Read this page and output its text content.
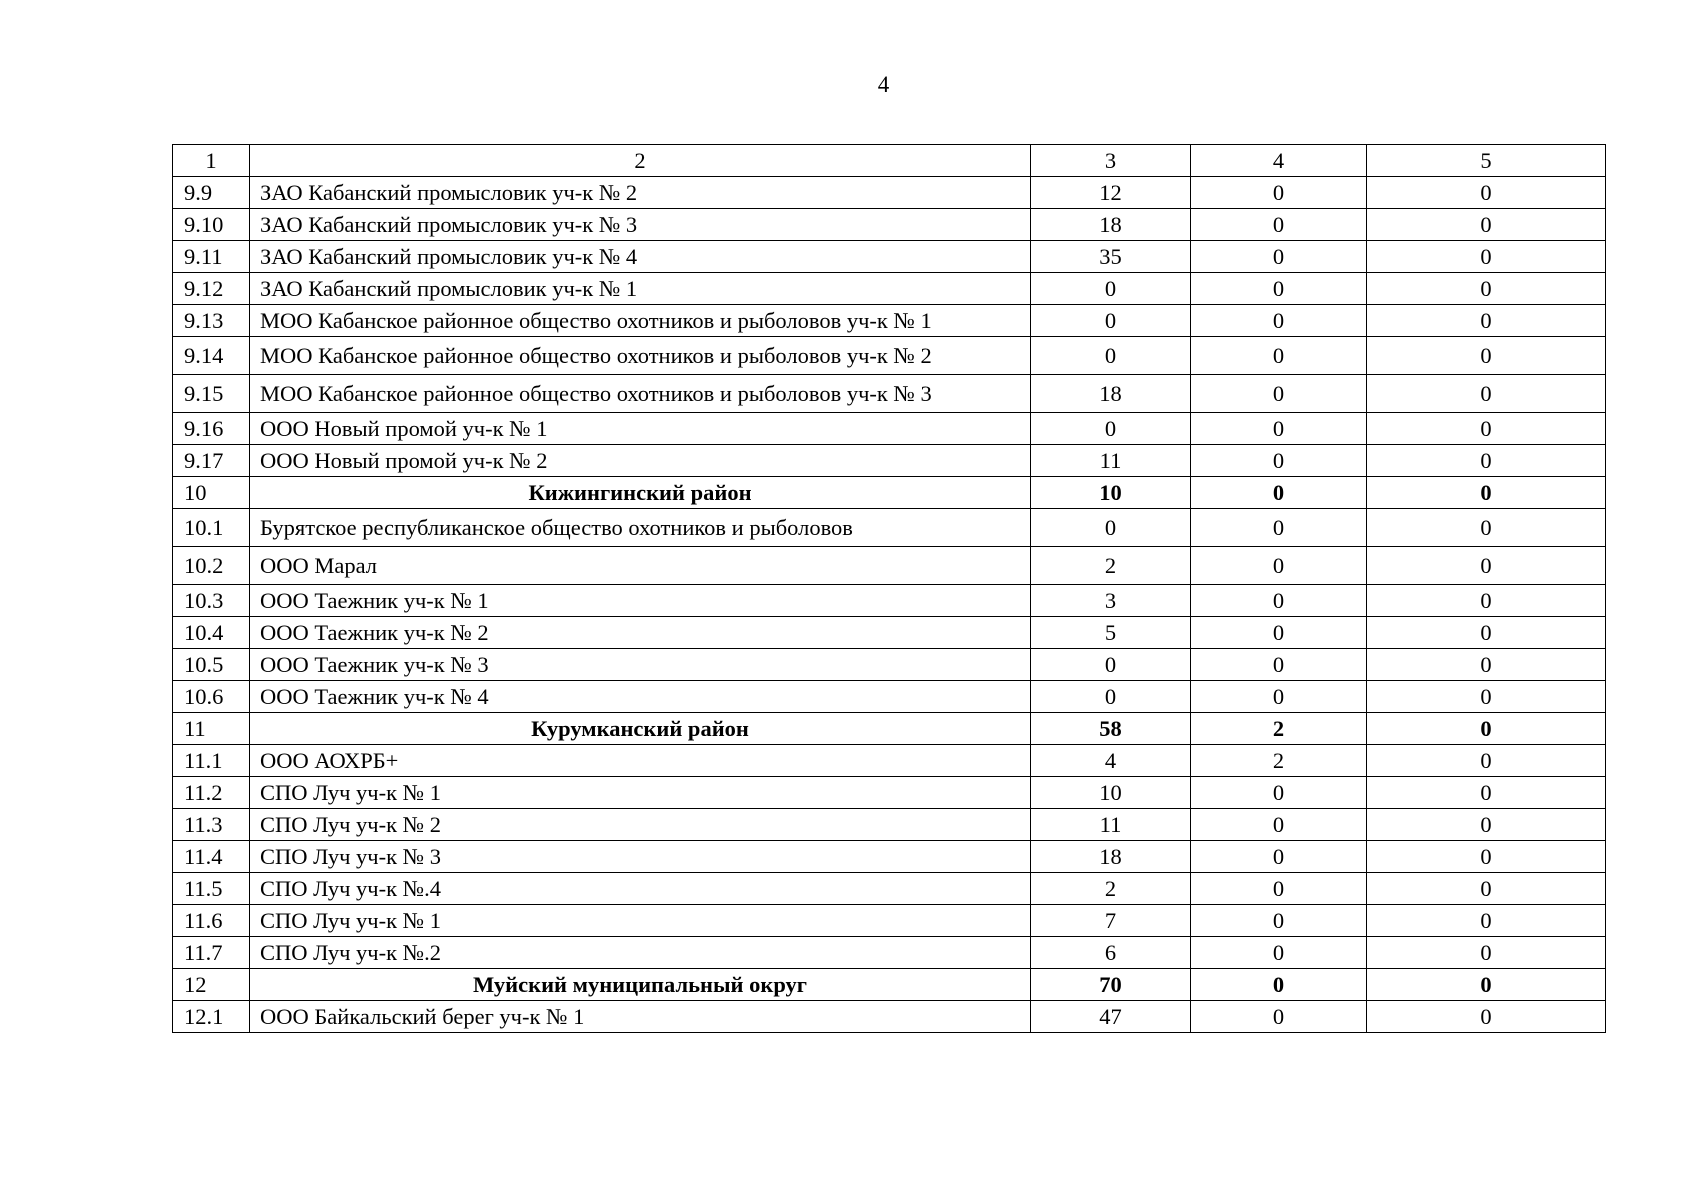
4
1	2	3	4	5
9.9	ЗАО Кабанский промысловик уч-к № 2	12	0	0
9.10	ЗАО Кабанский промысловик уч-к № 3	18	0	0
9.11	ЗАО Кабанский промысловик уч-к № 4	35	0	0
9.12	ЗАО Кабанский промысловик уч-к № 1	0	0	0
9.13	МОО Кабанское районное общество охотников и рыболовов уч-к № 1	0	0	0
9.14	МОО Кабанское районное общество охотников и рыболовов уч-к № 2	0	0	0
9.15	МОО Кабанское районное общество охотников и рыболовов уч-к № 3	18	0	0
9.16	ООО Новый промой уч-к № 1	0	0	0
9.17	ООО Новый промой уч-к № 2	11	0	0
10	Кижингинский район	10	0	0
10.1	Бурятское республиканское общество охотников и рыболовов	0	0	0
10.2	ООО Марал	2	0	0
10.3	ООО Таежник уч-к № 1	3	0	0
10.4	ООО Таежник уч-к № 2	5	0	0
10.5	ООО Таежник уч-к № 3	0	0	0
10.6	ООО Таежник уч-к № 4	0	0	0
11	Курумканский район	58	2	0
11.1	ООО АОХРБ+	4	2	0
11.2	СПО Луч уч-к № 1	10	0	0
11.3	СПО Луч уч-к № 2	11	0	0
11.4	СПО Луч уч-к № 3	18	0	0
11.5	СПО Луч уч-к №.4	2	0	0
11.6	СПО Луч уч-к № 1	7	0	0
11.7	СПО Луч уч-к №.2	6	0	0
12	Муйский муниципальный округ	70	0	0
12.1	ООО Байкальский берег уч-к № 1	47	0	0
